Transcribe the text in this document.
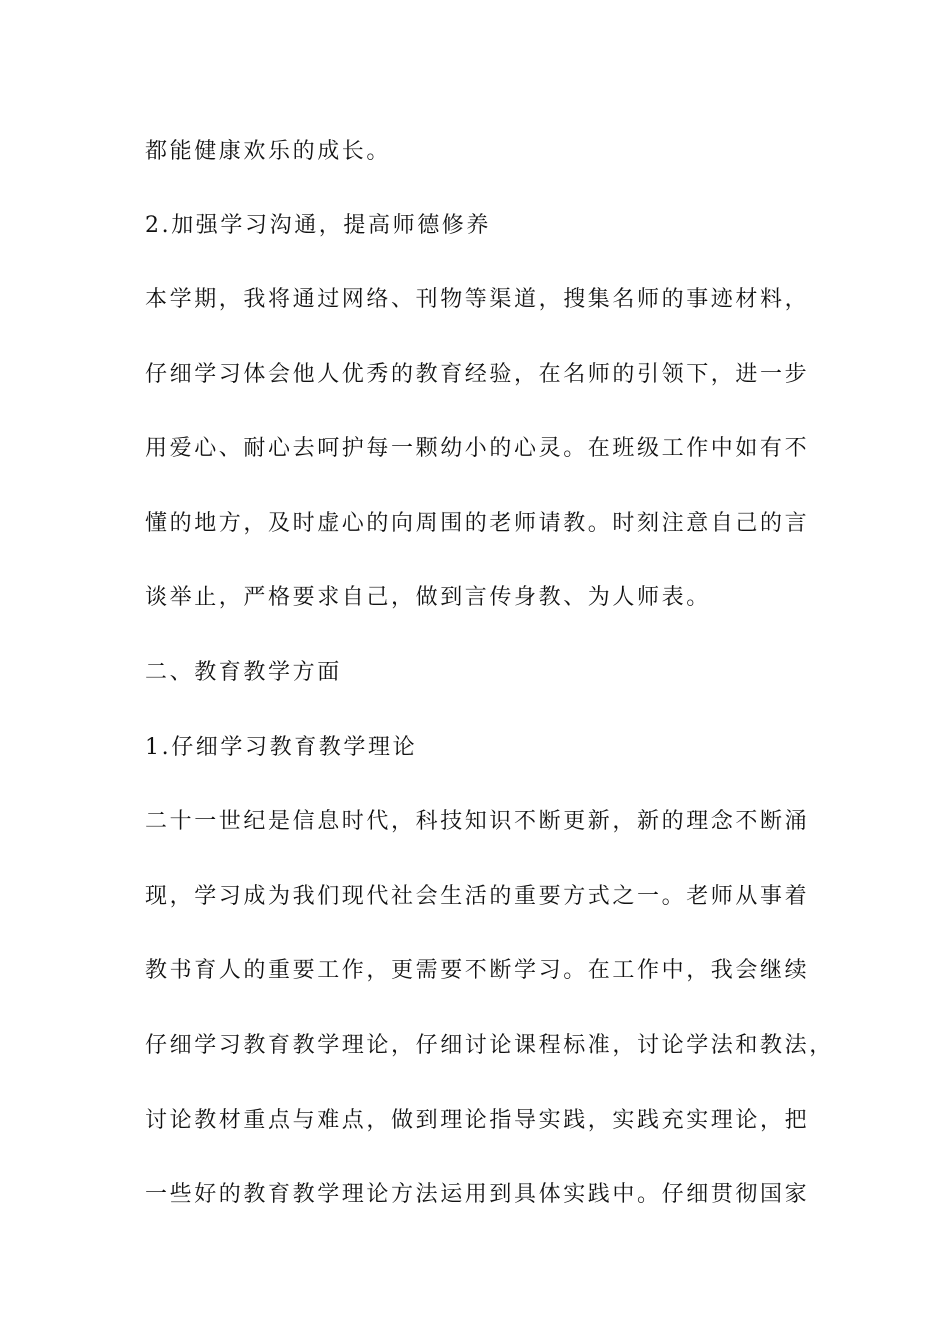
都能健康欢乐的成长。
2.加强学习沟通，提高师德修养
本学期，我将通过网络、刊物等渠道，搜集名师的事迹材料，
仔细学习体会他人优秀的教育经验，在名师的引领下，进一步
用爱心、耐心去呵护每一颗幼小的心灵。在班级工作中如有不
懂的地方，及时虚心的向周围的老师请教。时刻注意自己的言
谈举止，严格要求自己，做到言传身教、为人师表。
二、教育教学方面
1.仔细学习教育教学理论
二十一世纪是信息时代，科技知识不断更新，新的理念不断涌
现，学习成为我们现代社会生活的重要方式之一。老师从事着
教书育人的重要工作，更需要不断学习。在工作中，我会继续
仔细学习教育教学理论，仔细讨论课程标准，讨论学法和教法，
讨论教材重点与难点，做到理论指导实践，实践充实理论，把
一些好的教育教学理论方法运用到具体实践中。仔细贯彻国家
